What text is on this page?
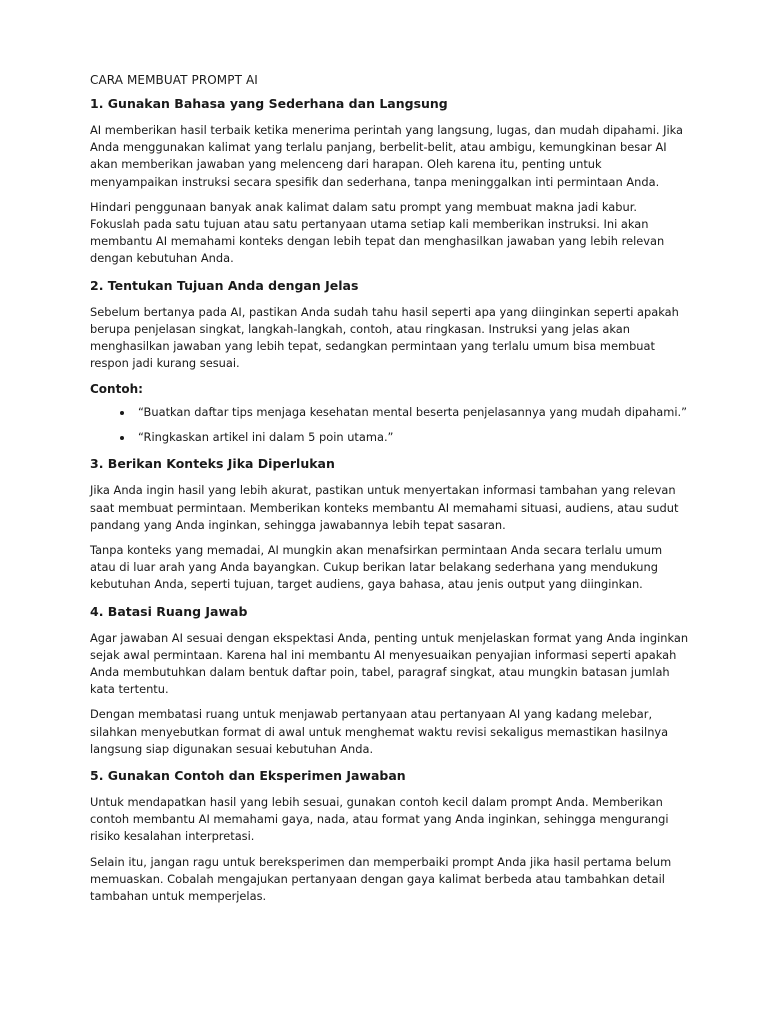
CARA MEMBUAT PROMPT AI
1. Gunakan Bahasa yang Sederhana dan Langsung

AI memberikan hasil terbaik ketika menerima perintah yang langsung, lugas, dan mudah dipahami. Jika Anda menggunakan kalimat yang terlalu panjang, berbelit-belit, atau ambigu, kemungkinan besar AI akan memberikan jawaban yang melenceng dari harapan. Oleh karena itu, penting untuk menyampaikan instruksi secara spesifik dan sederhana, tanpa meninggalkan inti permintaan Anda.

Hindari penggunaan banyak anak kalimat dalam satu prompt yang membuat makna jadi kabur. Fokuslah pada satu tujuan atau satu pertanyaan utama setiap kali memberikan instruksi. Ini akan membantu AI memahami konteks dengan lebih tepat dan menghasilkan jawaban yang lebih relevan dengan kebutuhan Anda.

2. Tentukan Tujuan Anda dengan Jelas

Sebelum bertanya pada AI, pastikan Anda sudah tahu hasil seperti apa yang diinginkan seperti apakah berupa penjelasan singkat, langkah-langkah, contoh, atau ringkasan. Instruksi yang jelas akan menghasilkan jawaban yang lebih tepat, sedangkan permintaan yang terlalu umum bisa membuat respon jadi kurang sesuai.

Contoh:
• “Buatkan daftar tips menjaga kesehatan mental beserta penjelasannya yang mudah dipahami.”
• “Ringkaskan artikel ini dalam 5 poin utama.”
3. Berikan Konteks Jika Diperlukan

Jika Anda ingin hasil yang lebih akurat, pastikan untuk menyertakan informasi tambahan yang relevan saat membuat permintaan. Memberikan konteks membantu AI memahami situasi, audiens, atau sudut pandang yang Anda inginkan, sehingga jawabannya lebih tepat sasaran.

Tanpa konteks yang memadai, AI mungkin akan menafsirkan permintaan Anda secara terlalu umum atau di luar arah yang Anda bayangkan. Cukup berikan latar belakang sederhana yang mendukung kebutuhan Anda, seperti tujuan, target audiens, gaya bahasa, atau jenis output yang diinginkan.

4. Batasi Ruang Jawab

Agar jawaban AI sesuai dengan ekspektasi Anda, penting untuk menjelaskan format yang Anda inginkan sejak awal permintaan. Karena hal ini membantu AI menyesuaikan penyajian informasi seperti apakah Anda membutuhkan dalam bentuk daftar poin, tabel, paragraf singkat, atau mungkin batasan jumlah kata tertentu.

Dengan membatasi ruang untuk menjawab pertanyaan atau pertanyaan AI yang kadang melebar, silahkan menyebutkan format di awal untuk menghemat waktu revisi sekaligus memastikan hasilnya langsung siap digunakan sesuai kebutuhan Anda.

5. Gunakan Contoh dan Eksperimen Jawaban

Untuk mendapatkan hasil yang lebih sesuai, gunakan contoh kecil dalam prompt Anda. Memberikan contoh membantu AI memahami gaya, nada, atau format yang Anda inginkan, sehingga mengurangi risiko kesalahan interpretasi.

Selain itu, jangan ragu untuk bereksperimen dan memperbaiki prompt Anda jika hasil pertama belum memuaskan. Cobalah mengajukan pertanyaan dengan gaya kalimat berbeda atau tambahkan detail tambahan untuk memperjelas.
